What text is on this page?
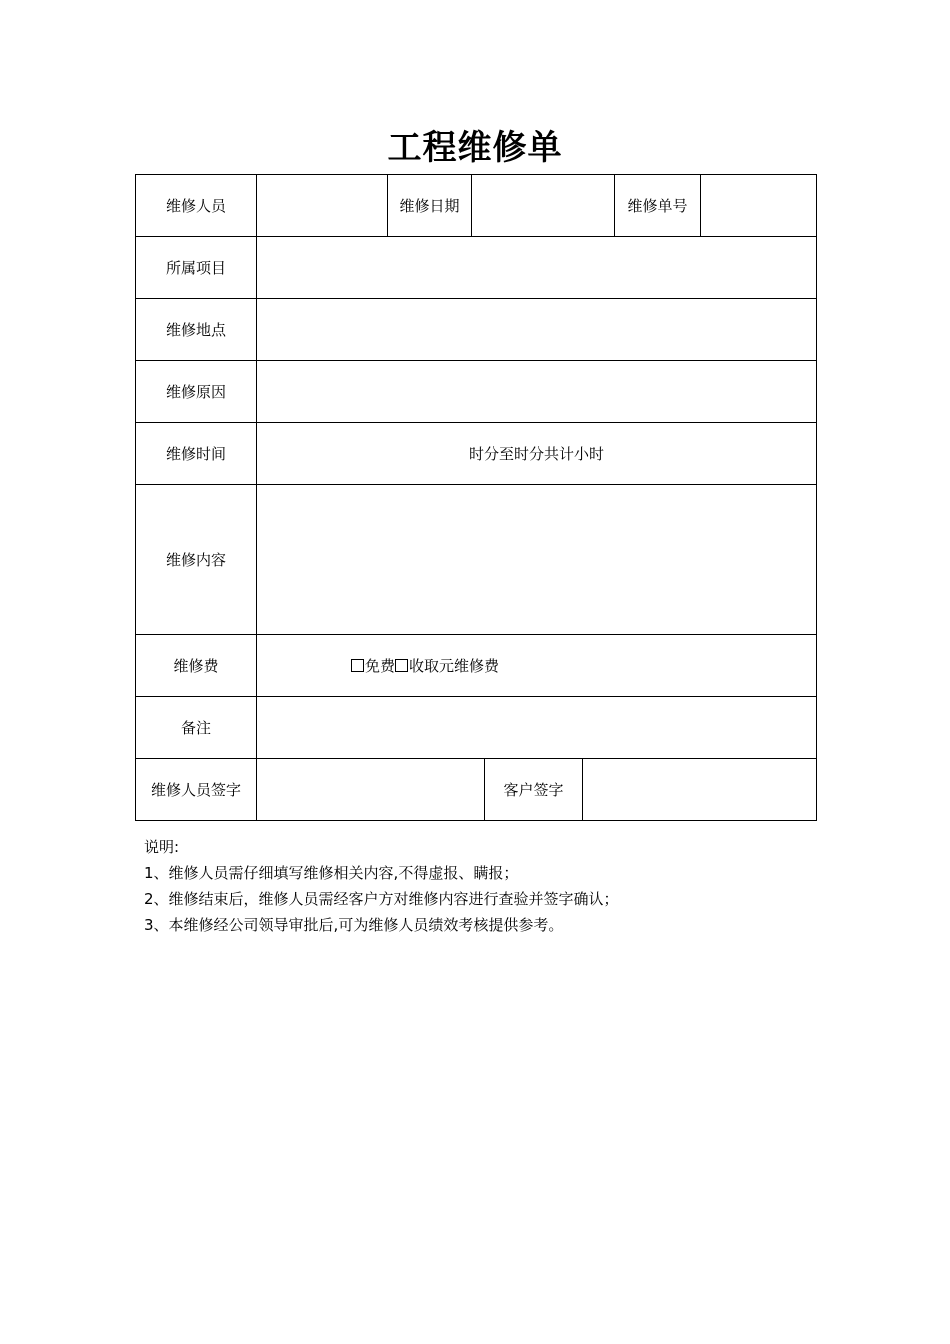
工程维修单
维修人员		维修日期				维修单号	
所属项目							
维修地点							
维修原因							
维修时间	时分至时分共计小时						
维修内容							
维修费	免费 收取元维修费						
备注							
维修人员签字				客户签字			
说明:
1、维修人员需仔细填写维修相关内容,不得虚报、瞒报；
2、维修结束后，维修人员需经客户方对维修内容进行查验并签字确认；
3、本维修经公司领导审批后,可为维修人员绩效考核提供参考。
